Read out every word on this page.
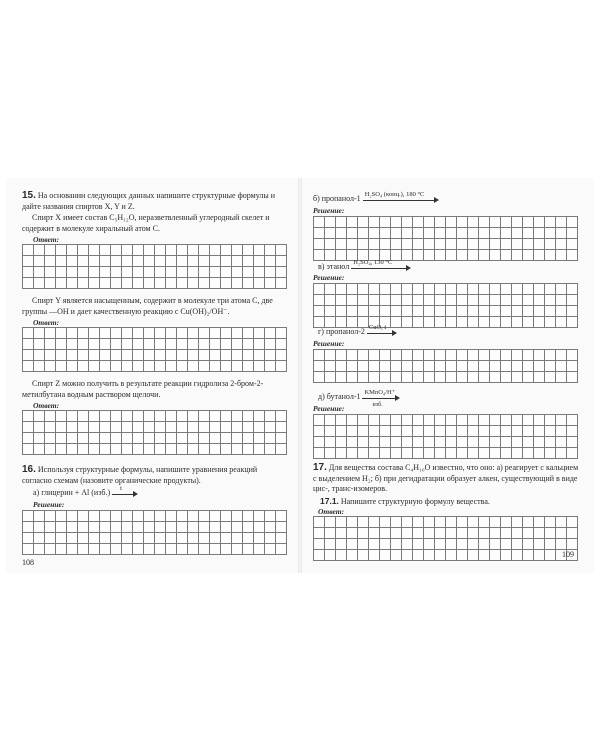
15. На основании следующих данных напишите структурные формулы и дайте названия спиртов X, Y и Z.
Спирт X имеет состав C₅H₁₂O, неразветвленный углеродный скелет и содержит в молекуле хиральный атом C.
Ответ:
Спирт Y является насыщенным, содержит в молекуле три атома C, две группы —OH и дает качественную реакцию с Cu(OH)₂/OH⁻.
Ответ:
Спирт Z можно получить в результате реакции гидролиза 2-бром-2-метилбутана водным раствором щелочи.
Ответ:
16. Используя структурные формулы, напишите уравнения реакций согласно схемам (назовите органические продукты).
а) глицерин + Al (изб.) t
Решение:
108
б) пропанол-1 H₂SO₄ (конц.), 180 °C
Решение:
в) этанол H₂SO₄, 130 °C
Решение:
г) пропанол-2 CuO, t
Решение:
д) бутанол-1 KMnO₄/H⁺
изб.
Решение:
17. Для вещества состава C₄H₁₀O известно, что оно: а) реагирует с кальцием с выделением H₂; б) при дегидратации образует алкен, существующий в виде цис-, транс-изомеров.
17.1. Напишите структурную формулу вещества.
Ответ:
109
